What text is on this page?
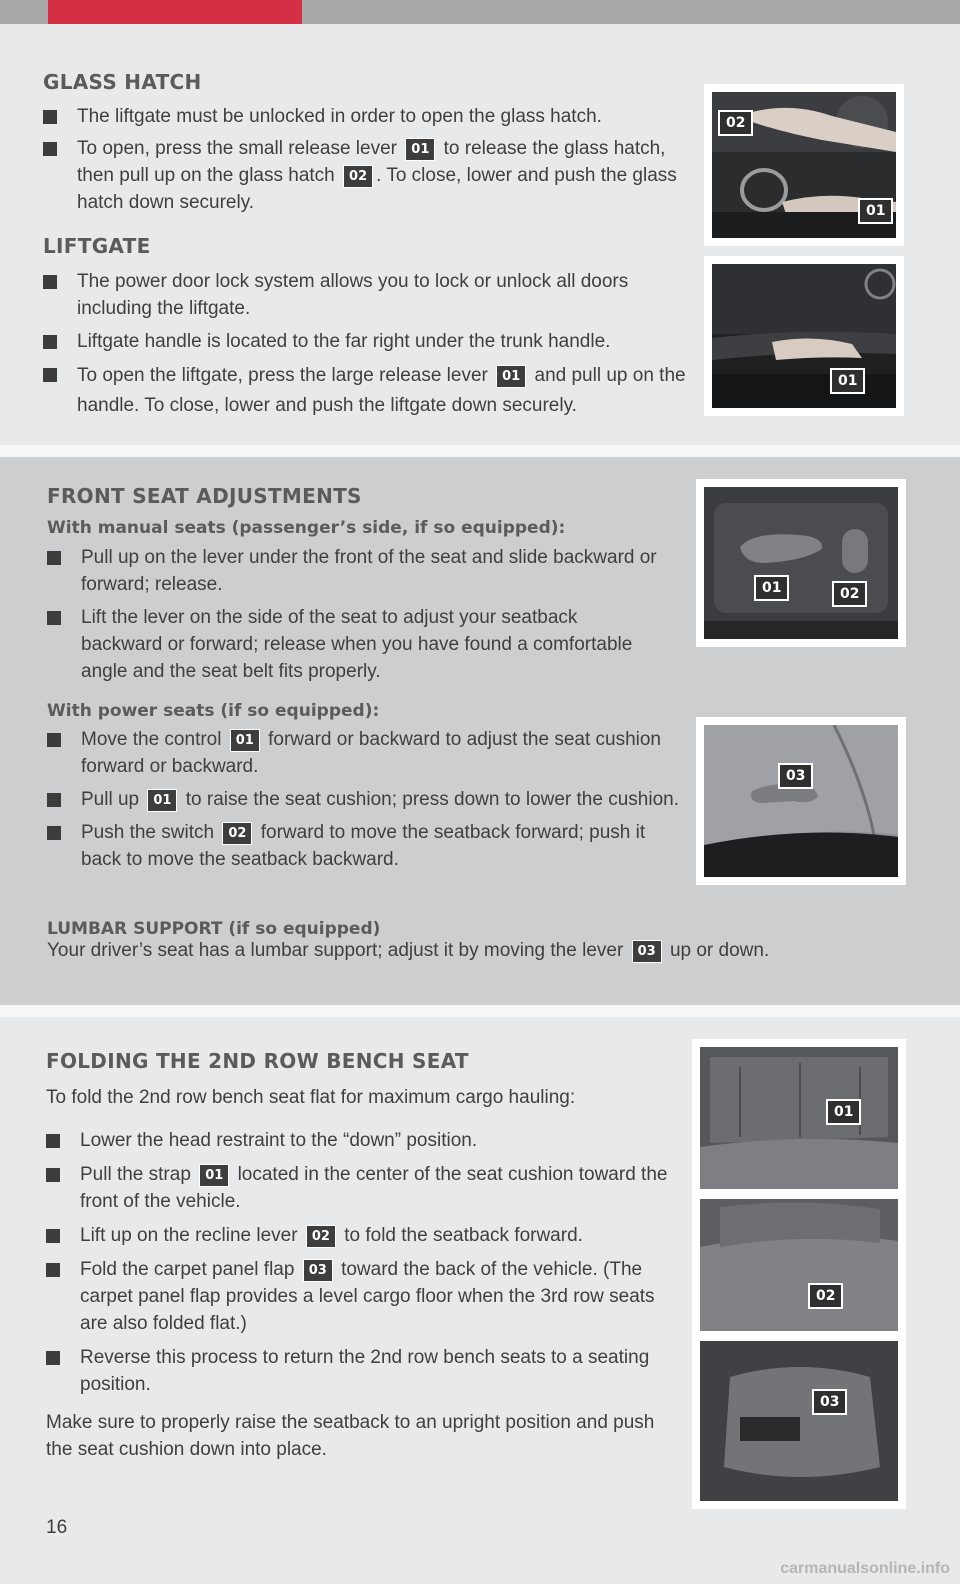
GLASS HATCH
The liftgate must be unlocked in order to open the glass hatch.
To open, press the small release lever 01 to release the glass hatch, then pull up on the glass hatch 02 . To close, lower and push the glass hatch down securely.
LIFTGATE
The power door lock system allows you to lock or unlock all doors including the liftgate.
Liftgate handle is located to the far right under the trunk handle.
To open the liftgate, press the large release lever 01 and pull up on the handle. To close, lower and push the liftgate down securely.
02
01
01
FRONT SEAT ADJUSTMENTS
With manual seats (passenger’s side, if so equipped):
Pull up on the lever under the front of the seat and slide backward or forward; release.
Lift the lever on the side of the seat to adjust your seatback backward or forward; release when you have found a comfortable angle and the seat belt fits properly.
With power seats (if so equipped):
Move the control 01 forward or backward to adjust the seat cushion forward or backward.
Pull up 01 to raise the seat cushion; press down to lower the cushion.
Push the switch 02 forward to move the seatback forward; push it back to move the seatback backward.
LUMBAR SUPPORT (if so equipped)
Your driver’s seat has a lumbar support; adjust it by moving the lever 03 up or down.
01	02
03
FOLDING THE 2ND ROW BENCH SEAT
To fold the 2nd row bench seat flat for maximum cargo hauling:
Lower the head restraint to the “down” position.
Pull the strap 01 located in the center of the seat cushion toward the front of the vehicle.
Lift up on the recline lever 02 to fold the seatback forward.
Fold the carpet panel flap 03 toward the back of the vehicle. (The carpet panel flap provides a level cargo floor when the 3rd row seats are also folded flat.)
Reverse this process to return the 2nd row bench seats to a seating position.
Make sure to properly raise the seatback to an upright position and push the seat cushion down into place.
01
02
03
16
carmanualsonline.info
